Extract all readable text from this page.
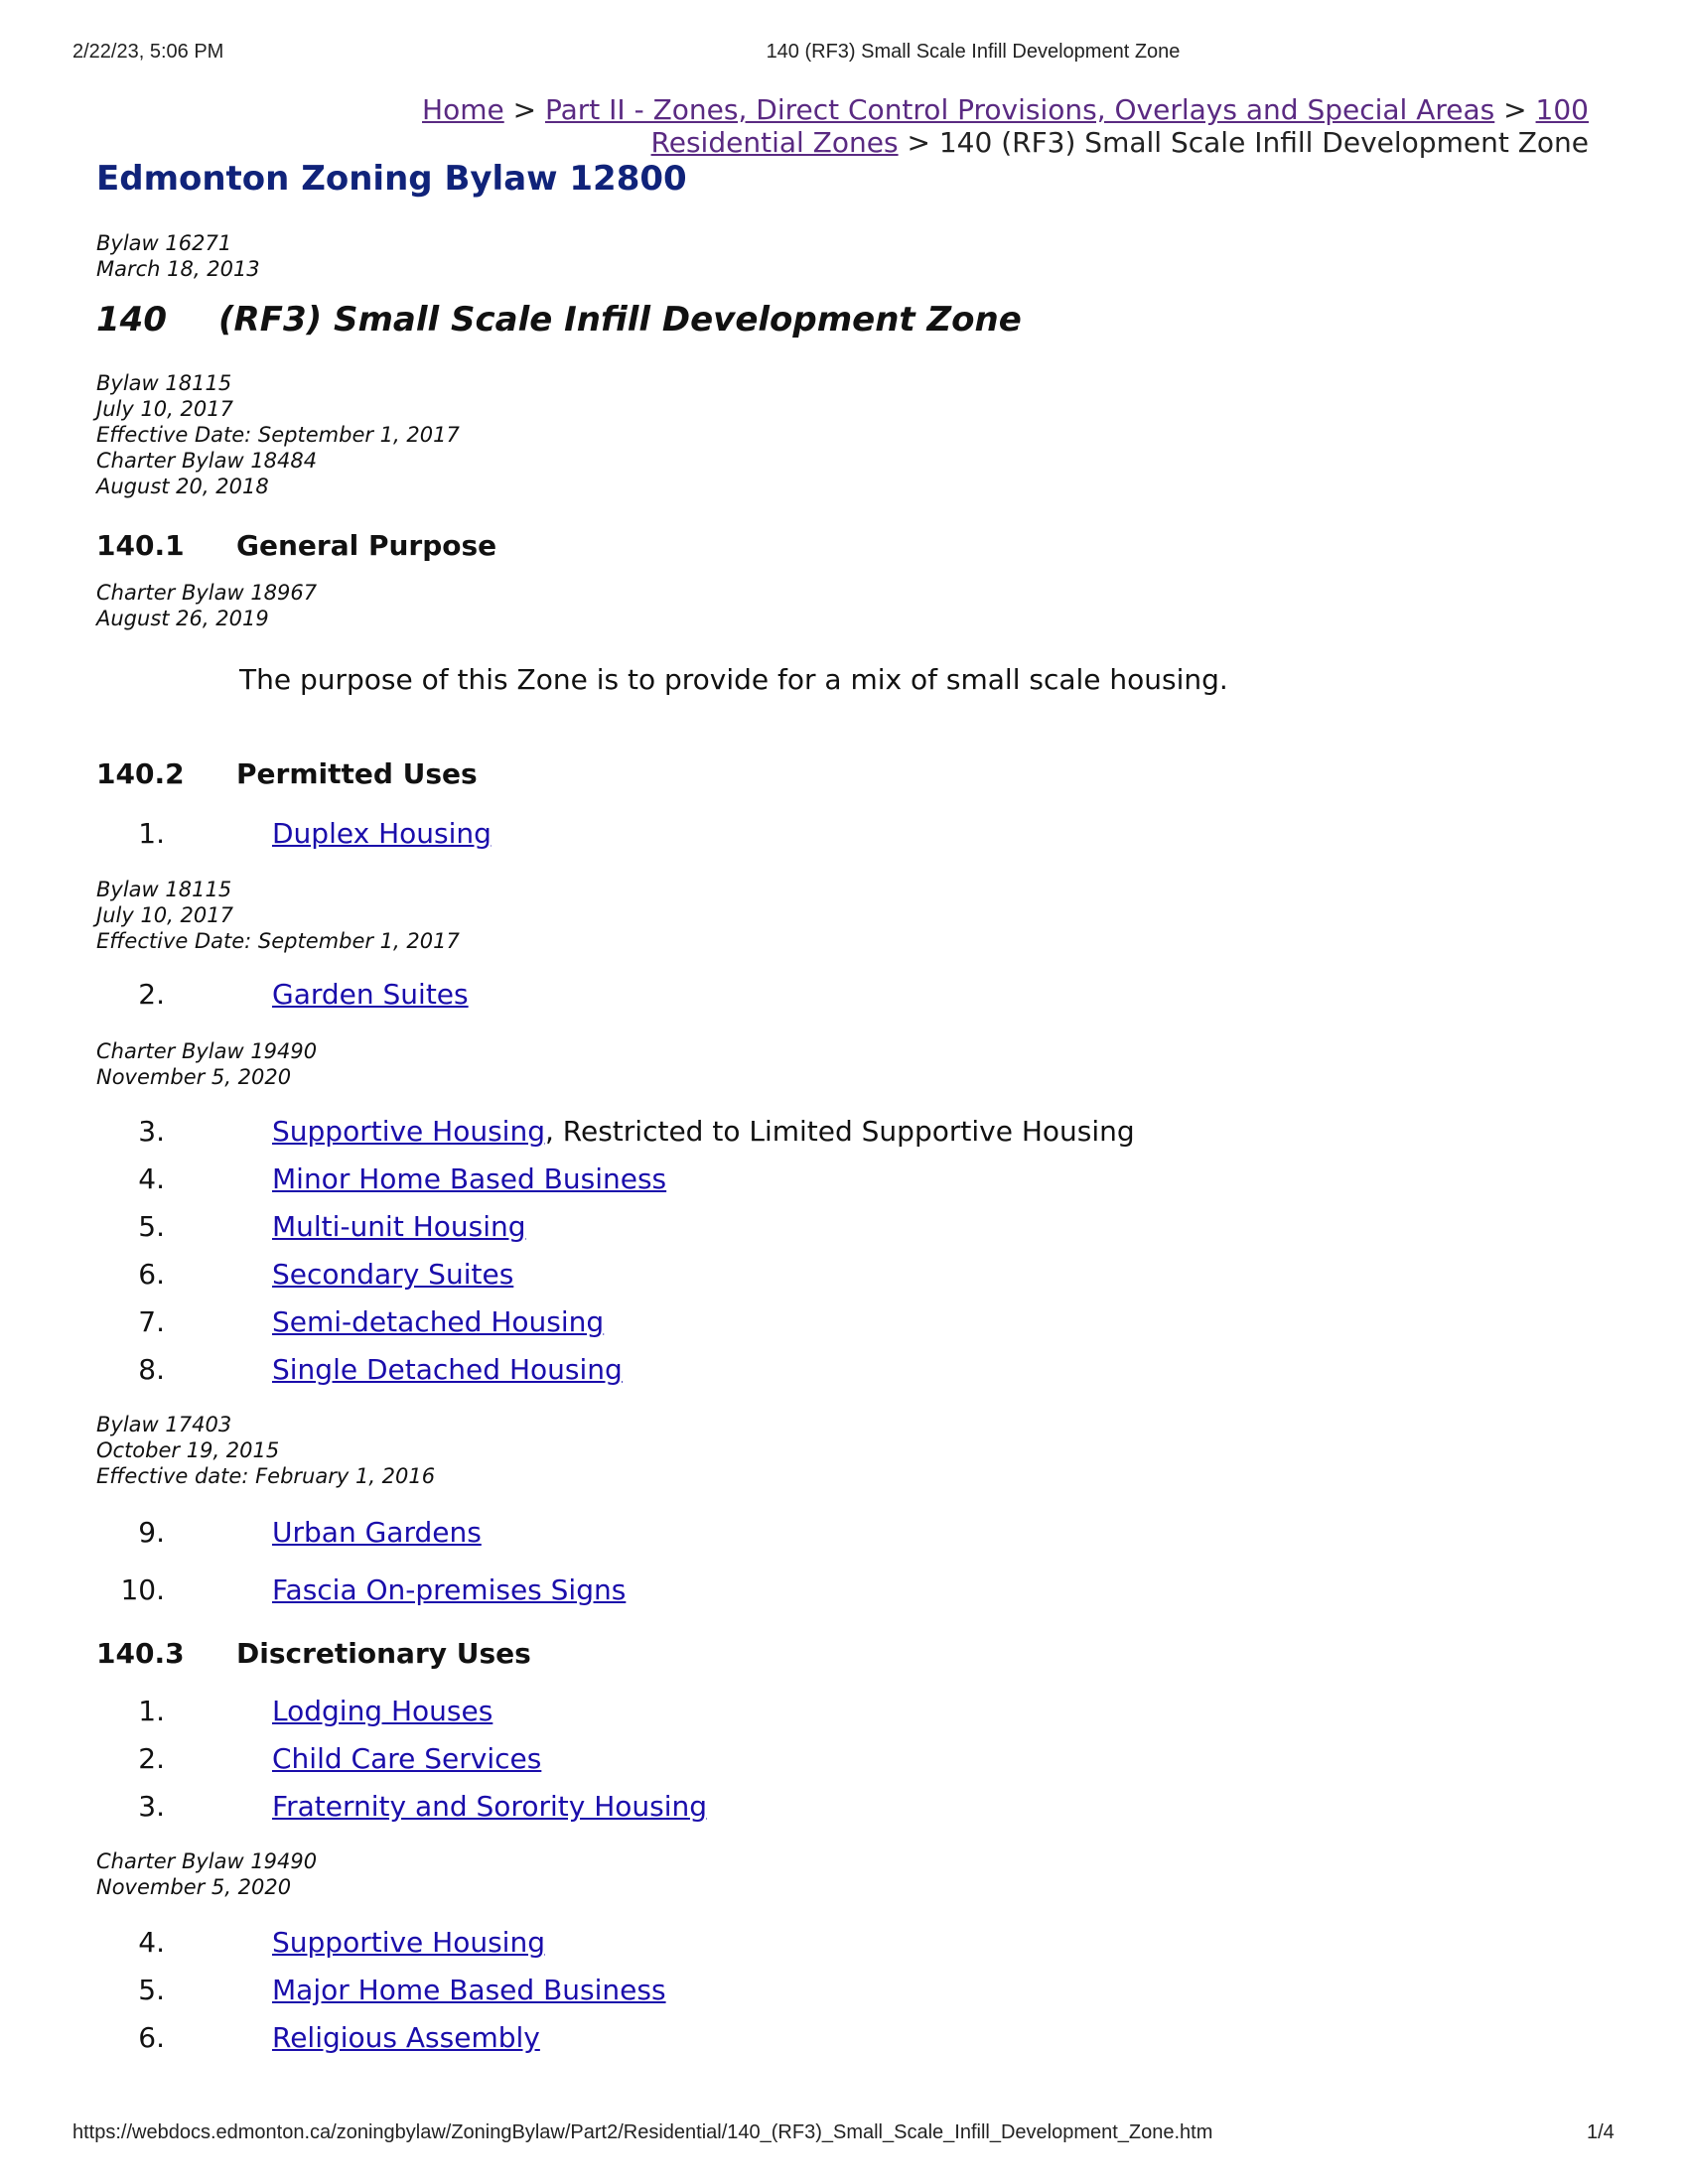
2/22/23, 5:06 PM	140 (RF3) Small Scale Infill Development Zone
Home > Part II - Zones, Direct Control Provisions, Overlays and Special Areas > 100 Residential Zones > 140 (RF3) Small Scale Infill Development Zone
Edmonton Zoning Bylaw 12800
Bylaw 16271
March 18, 2013
140 (RF3) Small Scale Infill Development Zone
Bylaw 18115
July 10, 2017
Effective Date: September 1, 2017
Charter Bylaw 18484
August 20, 2018
140.1 General Purpose
Charter Bylaw 18967
August 26, 2019

The purpose of this Zone is to provide for a mix of small scale housing.

140.2 Permitted Uses
1.	Duplex Housing
Bylaw 18115
July 10, 2017
Effective Date: September 1, 2017
2.	Garden Suites
Charter Bylaw 19490
November 5, 2020
3.	Supportive Housing, Restricted to Limited Supportive Housing
4.	Minor Home Based Business
5.	Multi-unit Housing
6.	Secondary Suites
7.	Semi-detached Housing
8.	Single Detached Housing
Bylaw 17403
October 19, 2015
Effective date: February 1, 2016
9.	Urban Gardens
10.	Fascia On-premises Signs
140.3 Discretionary Uses
1.	Lodging Houses
2.	Child Care Services
3.	Fraternity and Sorority Housing
Charter Bylaw 19490
November 5, 2020
4.	Supportive Housing
5.	Major Home Based Business
6.	Religious Assembly
https://webdocs.edmonton.ca/zoningbylaw/ZoningBylaw/Part2/Residential/140_(RF3)_Small_Scale_Infill_Development_Zone.htm	1/4
